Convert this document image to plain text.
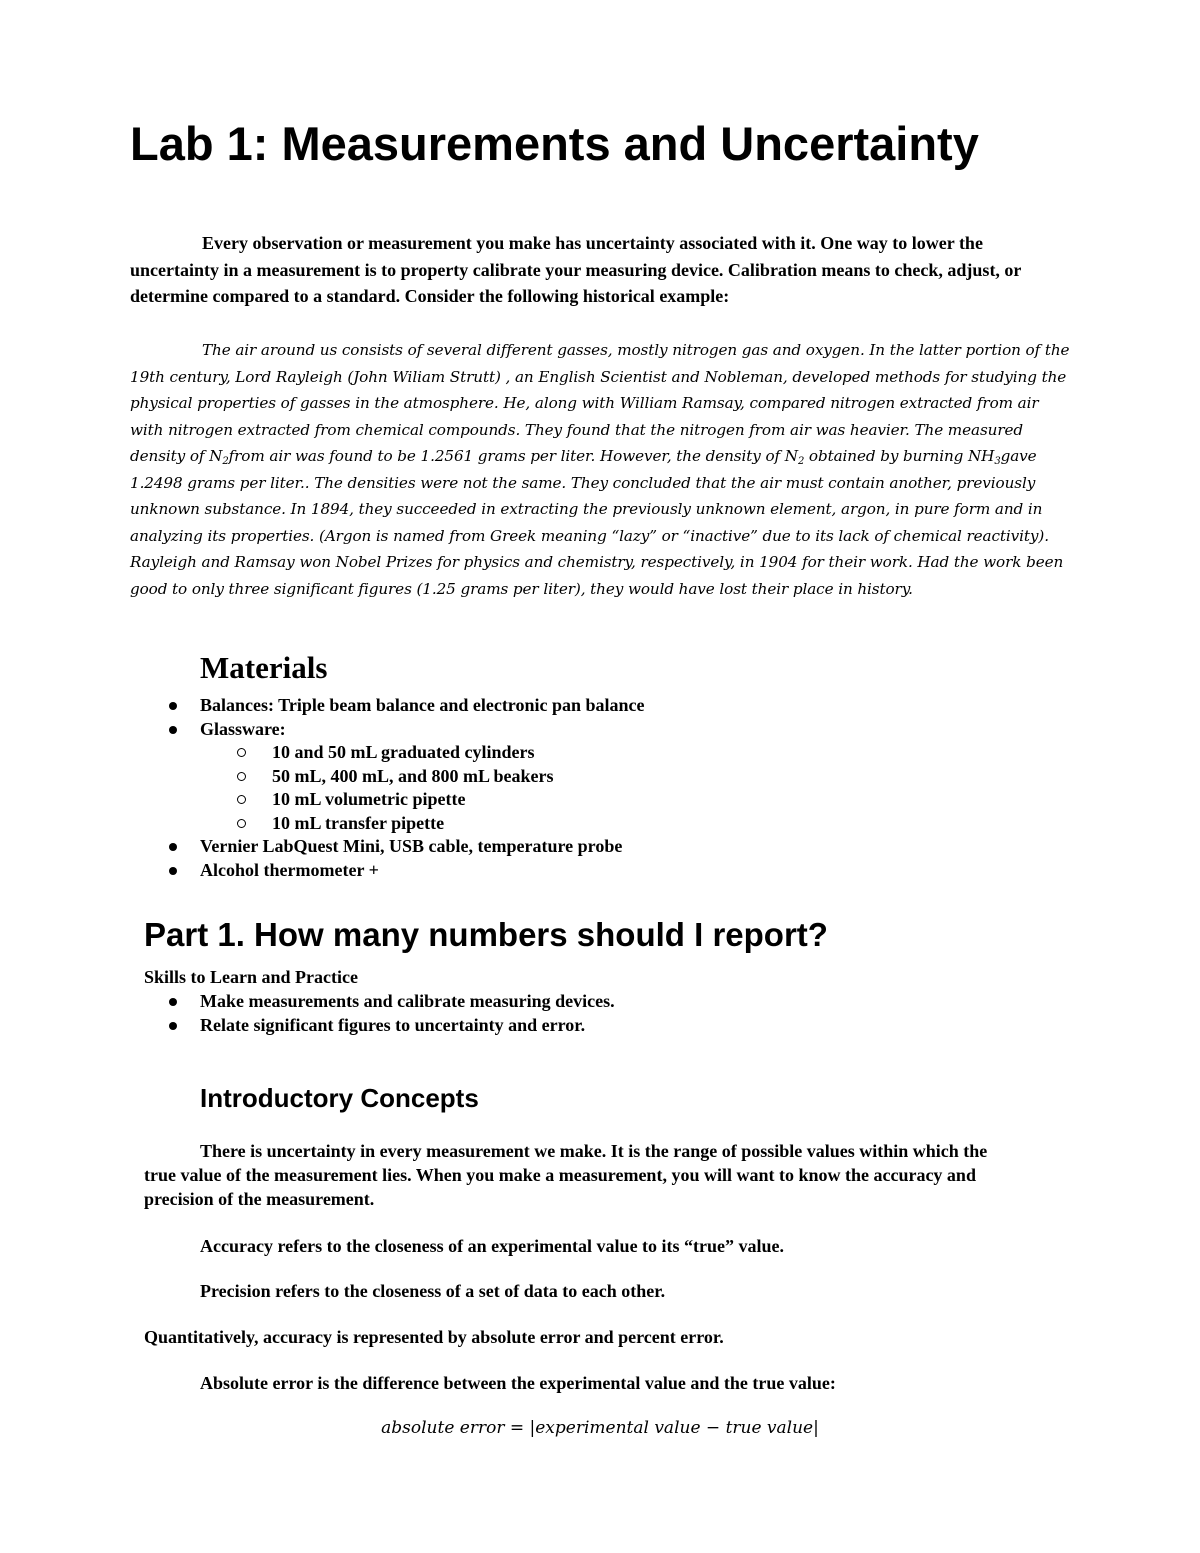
Lab 1: Measurements and Uncertainty

Every observation or measurement you make has uncertainty associated with it. One way to lower the uncertainty in a measurement is to property calibrate your measuring device. Calibration means to check, adjust, or determine compared to a standard. Consider the following historical example:

The air around us consists of several different gasses, mostly nitrogen gas and oxygen. In the latter portion of the 19th century, Lord Rayleigh (John Wiliam Strutt) , an English Scientist and Nobleman, developed methods for studying the physical properties of gasses in the atmosphere. He, along with William Ramsay, compared nitrogen extracted from air with nitrogen extracted from chemical compounds. They found that the nitrogen from air was heavier. The measured density of $N_2from$ air was found to be 1.2561 grams per liter. However, the density of $N_2$ obtained by burning $NH_3gave$ 1.2498 grams per liter.. The densities were not the same. They concluded that the air must contain another, previously unknown substance. In 1894, they succeeded in extracting the previously unknown element, argon, in pure form and in analyzing its properties. (Argon is named from Greek meaning “lazy” or “inactive” due to its lack of chemical reactivity). Rayleigh and Ramsay won Nobel Prizes for physics and chemistry, respectively, in 1904 for their work. Had the work been good to only three significant figures (1.25 grams per liter), they would have lost their place in history.

Materials
Balances: Triple beam balance and electronic pan balance
Glassware:
10 and 50 mL graduated cylinders
50 mL, 400 mL, and 800 mL beakers
10 mL volumetric pipette
10 mL transfer pipette
Vernier LabQuest Mini, USB cable, temperature probe
Alcohol thermometer +
Part 1. How many numbers should I report?

Skills to Learn and Practice

Make measurements and calibrate measuring devices.
Relate significant figures to uncertainty and error.
Introductory Concepts

There is uncertainty in every measurement we make. It is the range of possible values within which the

true value of the measurement lies. When you make a measurement, you will want to know the accuracy and

precision of the measurement.

Accuracy refers to the closeness of an experimental value to its “true” value.

Precision refers to the closeness of a set of data to each other.

Quantitatively, accuracy is represented by absolute error and percent error.

Absolute error is the difference between the experimental value and the true value:

absolute error = |experimental value − true value|
